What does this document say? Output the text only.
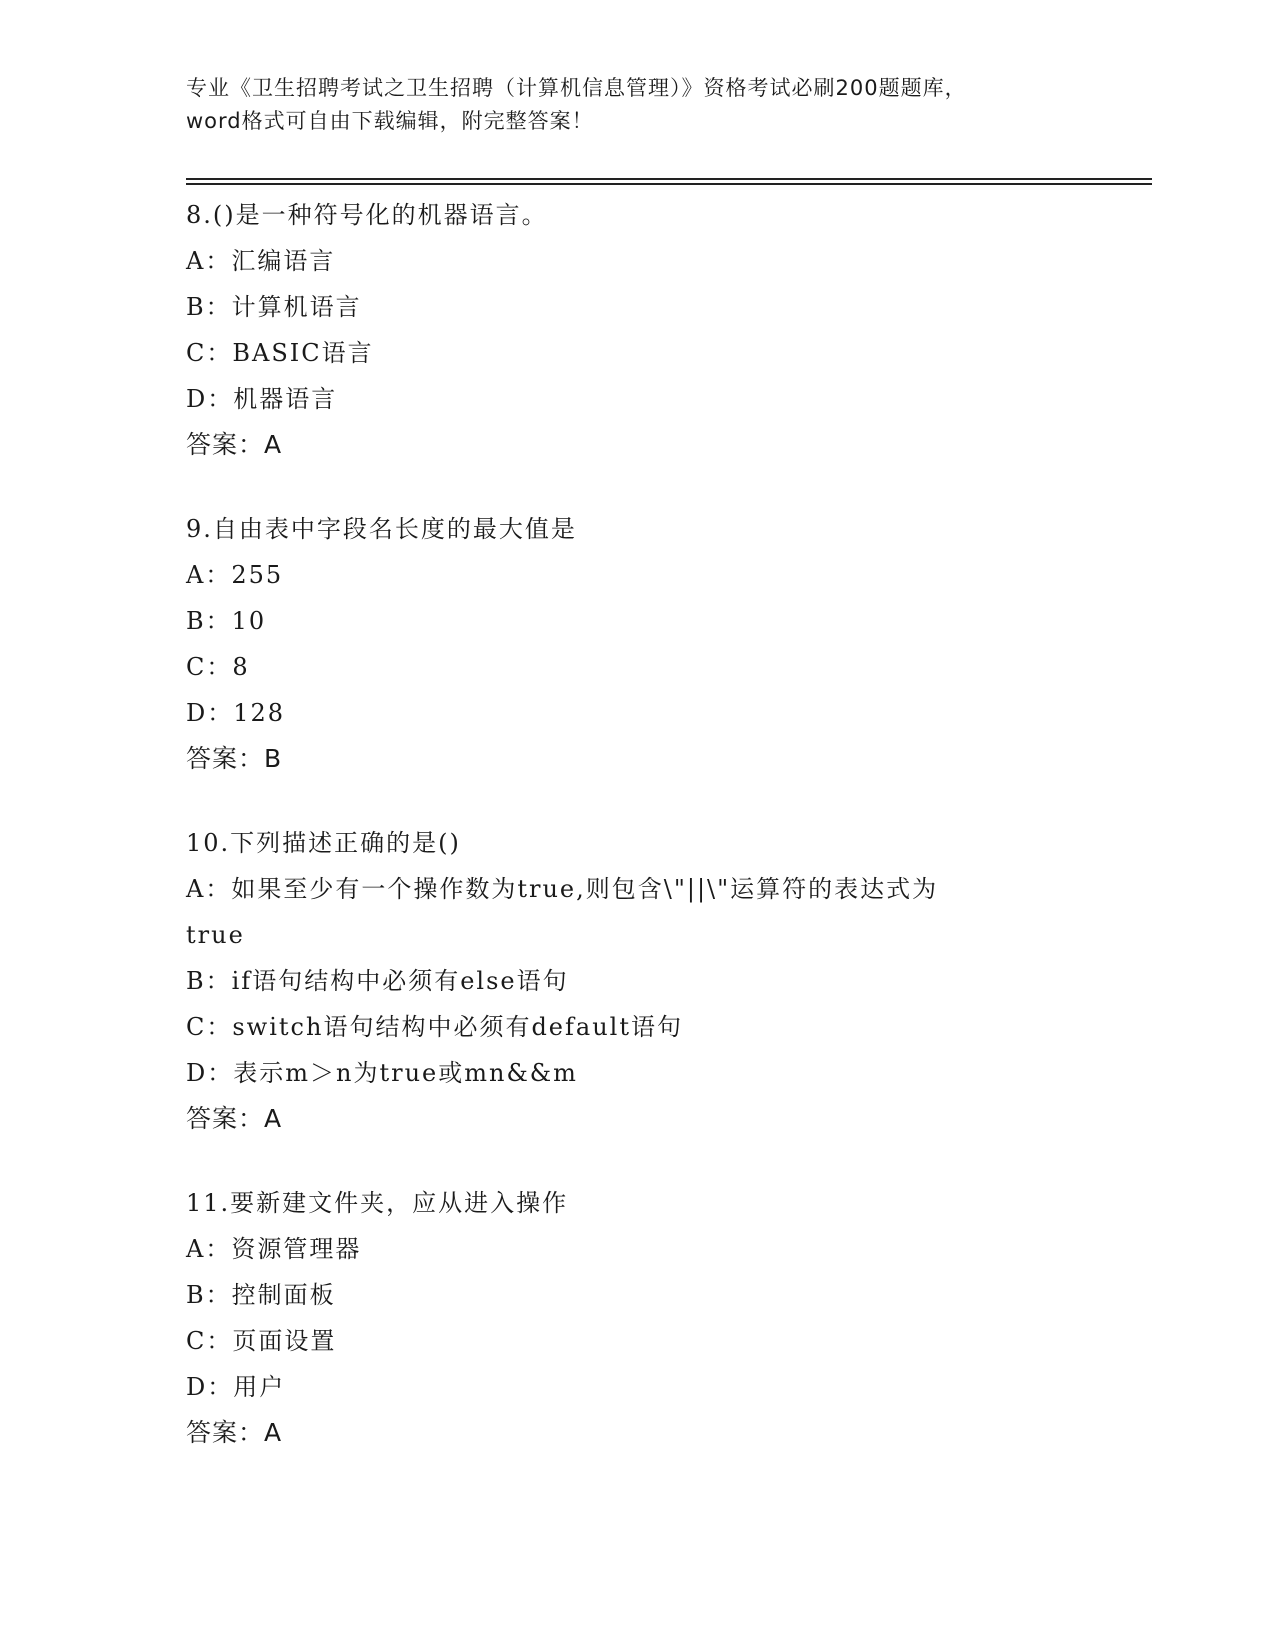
专业《卫生招聘考试之卫生招聘（计算机信息管理）》资格考试必刷200题题库，
word格式可自由下载编辑，附完整答案！
8.()是一种符号化的机器语言。
A：汇编语言
B：计算机语言
C：BASIC语言
D：机器语言
答案：A
9.自由表中字段名长度的最大值是
A：255
B：10
C：8
D：128
答案：B
10.下列描述正确的是()
A：如果至少有一个操作数为true,则包含\"||\"运算符的表达式为
true
B：if语句结构中必须有else语句
C：switch语句结构中必须有default语句
D：表示m＞n为true或mn&&m
答案：A
11.要新建文件夹，应从进入操作
A：资源管理器
B：控制面板
C：页面设置
D：用户
答案：A
